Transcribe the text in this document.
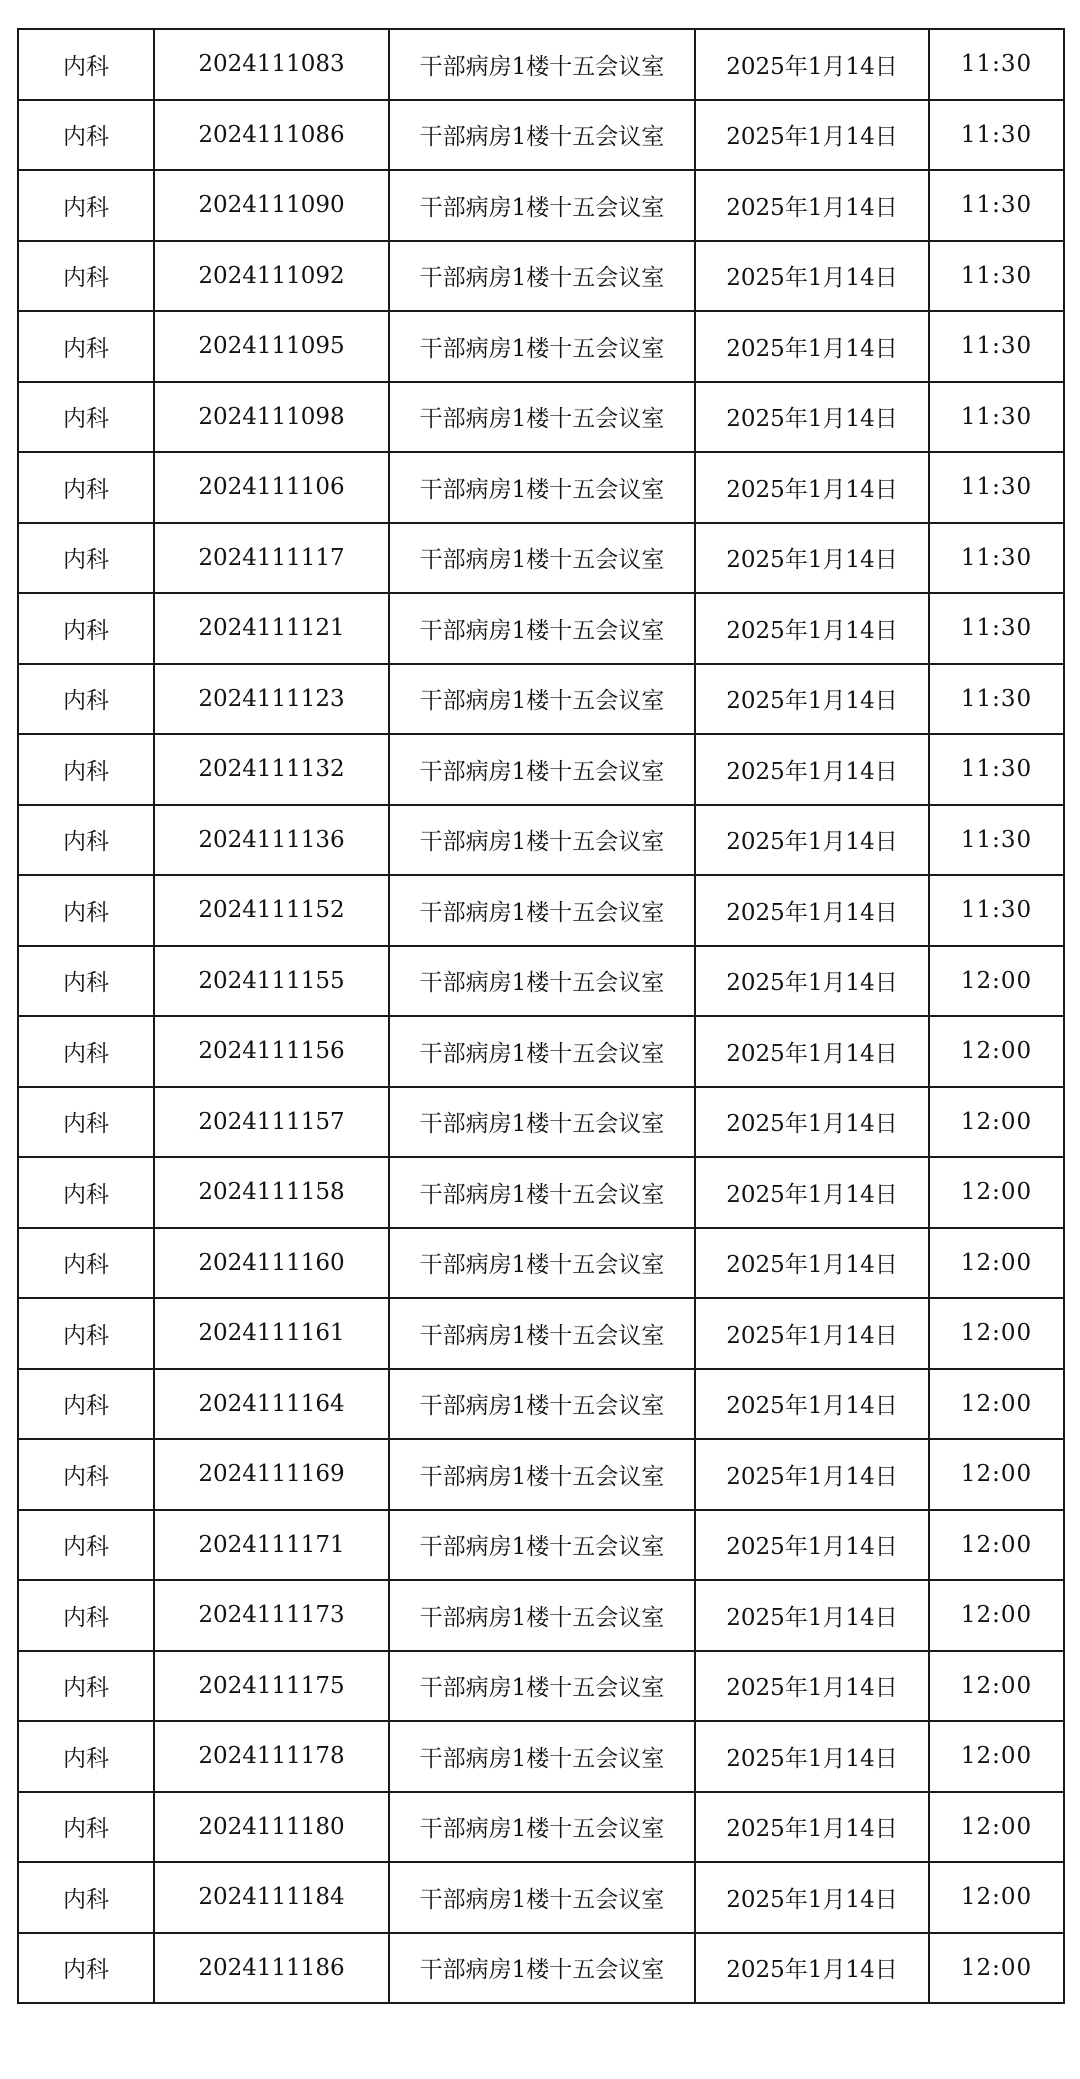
内科	2024111083	干部病房1楼十五会议室	2025年1月14日	11:30
内科	2024111086	干部病房1楼十五会议室	2025年1月14日	11:30
内科	2024111090	干部病房1楼十五会议室	2025年1月14日	11:30
内科	2024111092	干部病房1楼十五会议室	2025年1月14日	11:30
内科	2024111095	干部病房1楼十五会议室	2025年1月14日	11:30
内科	2024111098	干部病房1楼十五会议室	2025年1月14日	11:30
内科	2024111106	干部病房1楼十五会议室	2025年1月14日	11:30
内科	2024111117	干部病房1楼十五会议室	2025年1月14日	11:30
内科	2024111121	干部病房1楼十五会议室	2025年1月14日	11:30
内科	2024111123	干部病房1楼十五会议室	2025年1月14日	11:30
内科	2024111132	干部病房1楼十五会议室	2025年1月14日	11:30
内科	2024111136	干部病房1楼十五会议室	2025年1月14日	11:30
内科	2024111152	干部病房1楼十五会议室	2025年1月14日	11:30
内科	2024111155	干部病房1楼十五会议室	2025年1月14日	12:00
内科	2024111156	干部病房1楼十五会议室	2025年1月14日	12:00
内科	2024111157	干部病房1楼十五会议室	2025年1月14日	12:00
内科	2024111158	干部病房1楼十五会议室	2025年1月14日	12:00
内科	2024111160	干部病房1楼十五会议室	2025年1月14日	12:00
内科	2024111161	干部病房1楼十五会议室	2025年1月14日	12:00
内科	2024111164	干部病房1楼十五会议室	2025年1月14日	12:00
内科	2024111169	干部病房1楼十五会议室	2025年1月14日	12:00
内科	2024111171	干部病房1楼十五会议室	2025年1月14日	12:00
内科	2024111173	干部病房1楼十五会议室	2025年1月14日	12:00
内科	2024111175	干部病房1楼十五会议室	2025年1月14日	12:00
内科	2024111178	干部病房1楼十五会议室	2025年1月14日	12:00
内科	2024111180	干部病房1楼十五会议室	2025年1月14日	12:00
内科	2024111184	干部病房1楼十五会议室	2025年1月14日	12:00
内科	2024111186	干部病房1楼十五会议室	2025年1月14日	12:00
